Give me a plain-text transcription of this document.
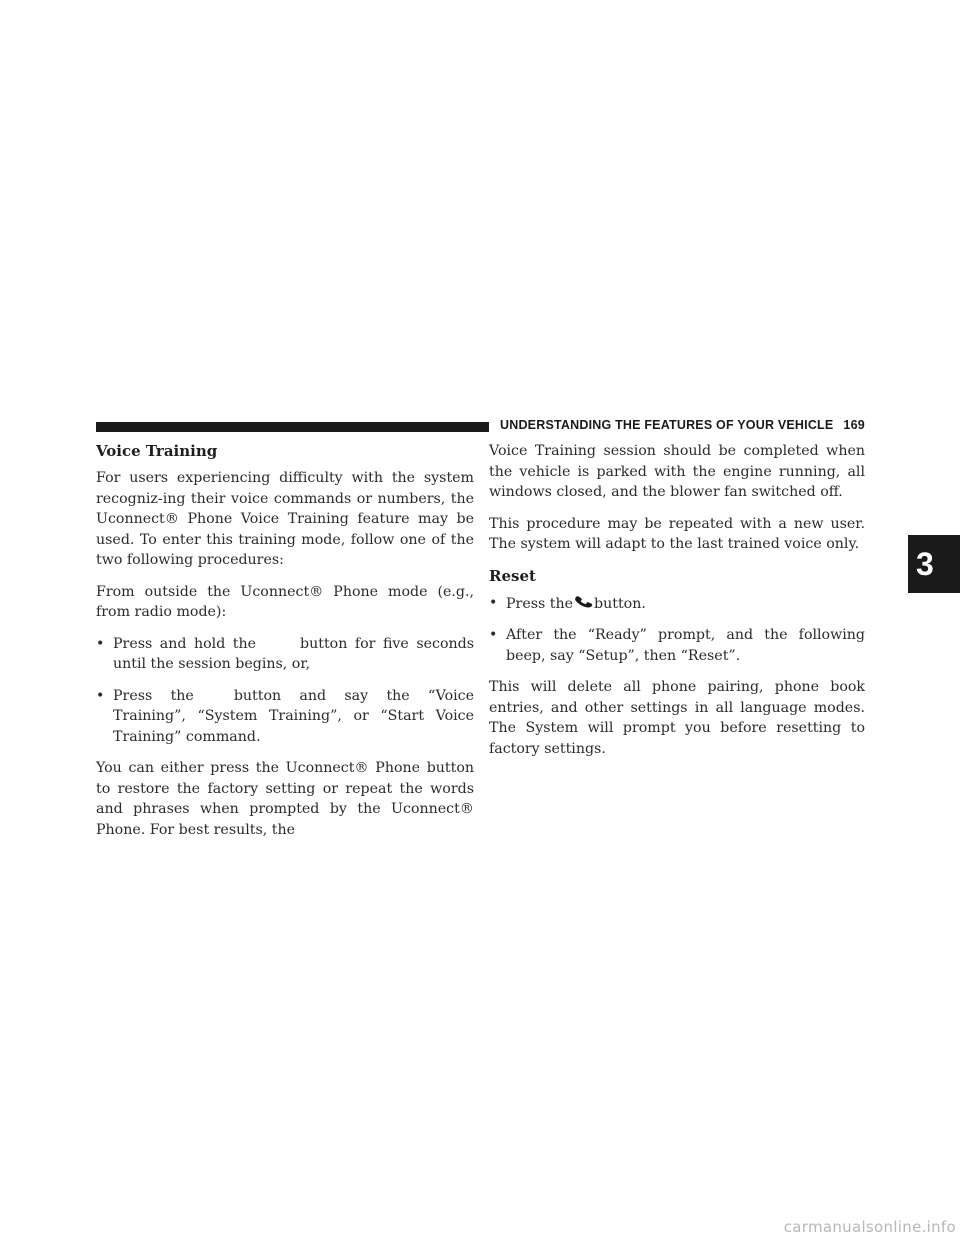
UNDERSTANDING THE FEATURES OF YOUR VEHICLE 169
Voice Training

For users experiencing difficulty with the system recogniz-ing their voice commands or numbers, the Uconnect® Phone Voice Training feature may be used. To enter this training mode, follow one of the two following procedures:

From outside the Uconnect® Phone mode (e.g., from radio mode):

• Press and hold the	button for five seconds until the session begins, or,
• Press the	button and say the “Voice Training”, “System Training”, or “Start Voice Training” command.

You can either press the Uconnect® Phone button to restore the factory setting or repeat the words and phrases when prompted by the Uconnect® Phone. For best results, the

Voice Training session should be completed when the vehicle is parked with the engine running, all windows closed, and the blower fan switched off.

This procedure may be repeated with a new user. The system will adapt to the last trained voice only.

Reset
• Press the button.
• After the “Ready” prompt, and the following beep, say “Setup”, then “Reset”.

This will delete all phone pairing, phone book entries, and other settings in all language modes. The System will prompt you before resetting to factory settings.

3
carmanualsonline.info
